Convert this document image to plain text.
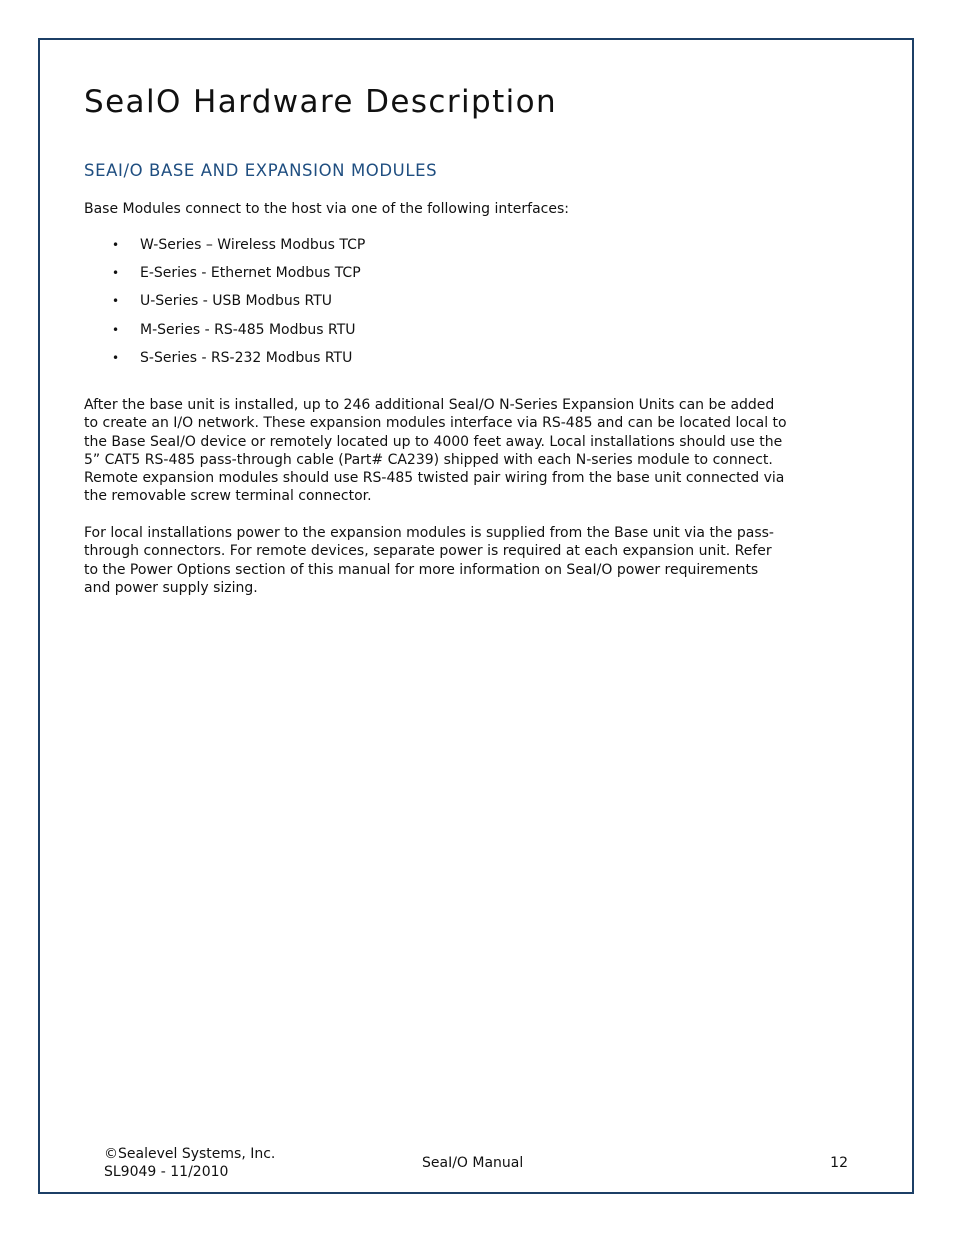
SealO Hardware Description
SEAI/O BASE AND EXPANSION MODULES

Base Modules connect to the host via one of the following interfaces:

• W-Series – Wireless Modbus TCP
• E-Series - Ethernet Modbus TCP
• U-Series - USB Modbus RTU
• M-Series - RS-485 Modbus RTU
• S-Series - RS-232 Modbus RTU

After the base unit is installed, up to 246 additional SeaI/O N-Series Expansion Units can be added
to create an I/O network. These expansion modules interface via RS-485 and can be located local to
the Base SeaI/O device or remotely located up to 4000 feet away. Local installations should use the
5” CAT5 RS-485 pass-through cable (Part# CA239) shipped with each N-series module to connect.
Remote expansion modules should use RS-485 twisted pair wiring from the base unit connected via
the removable screw terminal connector.

For local installations power to the expansion modules is supplied from the Base unit via the pass-
through connectors. For remote devices, separate power is required at each expansion unit. Refer
to the Power Options section of this manual for more information on SeaI/O power requirements
and power supply sizing.

©Sealevel Systems, Inc.
SL9049 - 11/2010
SeaI/O Manual	12
